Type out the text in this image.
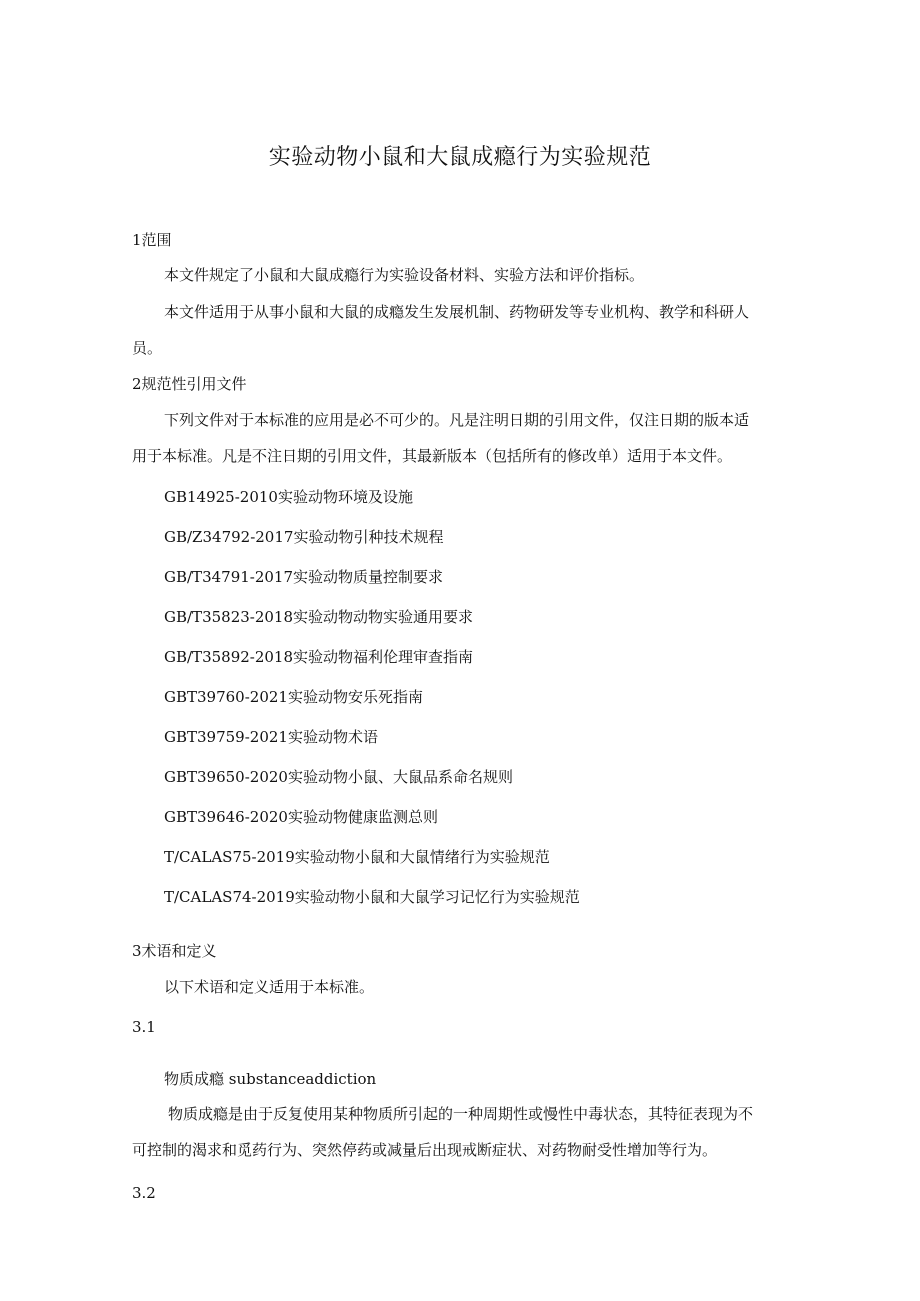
实验动物小鼠和大鼠成瘾行为实验规范
1范围
本文件规定了小鼠和大鼠成瘾行为实验设备材料、实验方法和评价指标。
本文件适用于从事小鼠和大鼠的成瘾发生发展机制、药物研发等专业机构、教学和科研人
员。
2规范性引用文件
下列文件对于本标准的应用是必不可少的。凡是注明日期的引用文件，仅注日期的版本适
用于本标准。凡是不注日期的引用文件，其最新版本（包括所有的修改单）适用于本文件。
GB14925-2010实验动物环境及设施
GB/Z34792-2017实验动物引种技术规程
GB/T34791-2017实验动物质量控制要求
GB/T35823-2018实验动物动物实验通用要求
GB/T35892-2018实验动物福利伦理审查指南
GBT39760-2021实验动物安乐死指南
GBT39759-2021实验动物术语
GBT39650-2020实验动物小鼠、大鼠品系命名规则
GBT39646-2020实验动物健康监测总则
T/CALAS75-2019实验动物小鼠和大鼠情绪行为实验规范
T/CALAS74-2019实验动物小鼠和大鼠学习记忆行为实验规范
3术语和定义
以下术语和定义适用于本标准。
3.1
物质成瘾 substanceaddiction
物质成瘾是由于反复使用某种物质所引起的一种周期性或慢性中毒状态，其特征表现为不
可控制的渴求和觅药行为、突然停药或减量后出现戒断症状、对药物耐受性增加等行为。
3.2
